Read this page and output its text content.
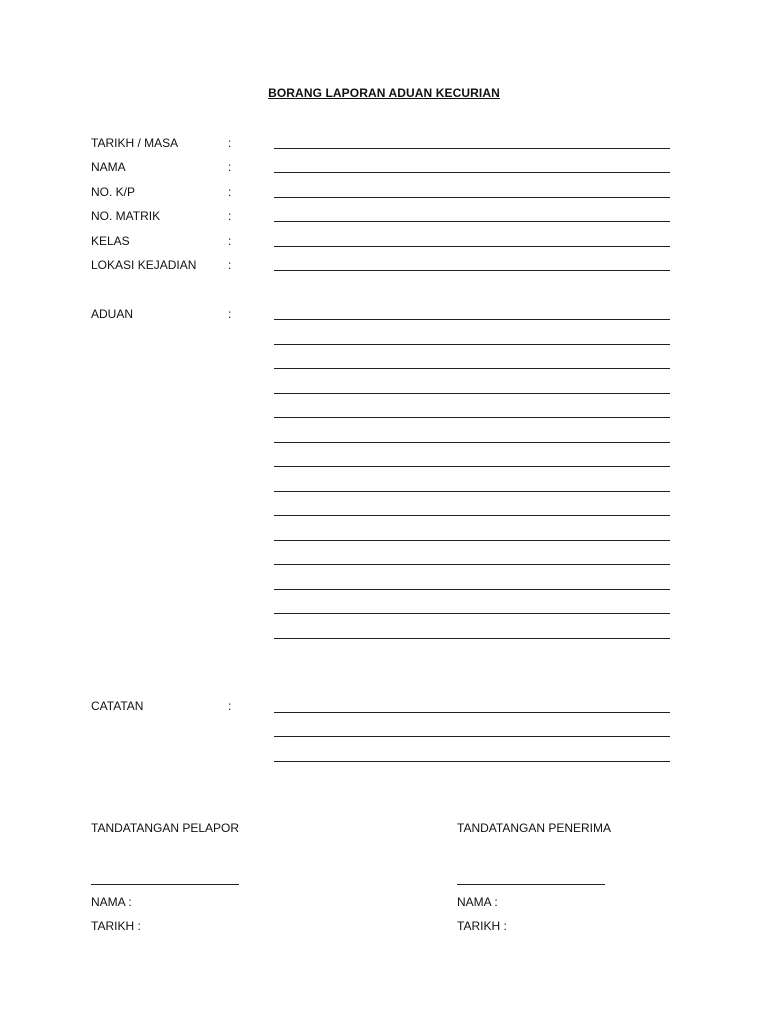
BORANG LAPORAN ADUAN KECURIAN
TARIKH / MASA	:
NAMA	:
NO. K/P	:
NO. MATRIK	:
KELAS	:
LOKASI KEJADIAN	:
ADUAN	:
CATATAN	:
TANDATANGAN PELAPOR
NAMA :
TARIKH :
TANDATANGAN PENERIMA
NAMA :
TARIKH :
